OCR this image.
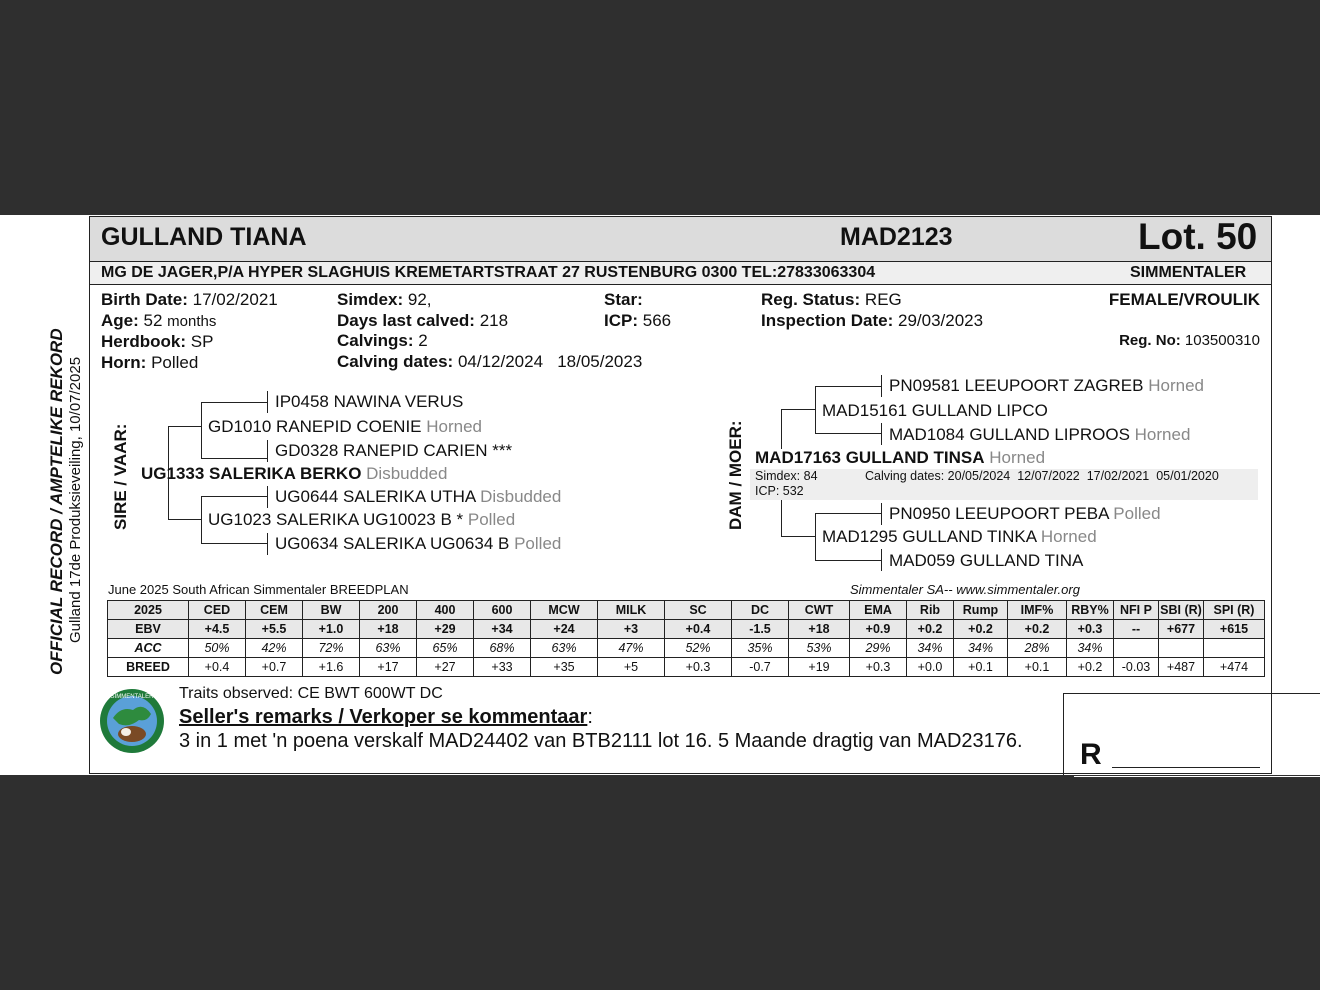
GULLAND TIANA	MAD2123	Lot. 50
MG DE JAGER,P/A HYPER SLAGHUIS KREMETARTSTRAAT 27 RUSTENBURG 0300 TEL:27833063304	SIMMENTALER
Birth Date: 17/02/2021
Age: 52 months
Herdbook: SP
Horn: Polled
Simdex: 92,
Days last calved: 218
Calvings: 2
Calving dates: 04/12/2024   18/05/2023
Star:
ICP: 566
Reg. Status: REG
Inspection Date: 29/03/2023
FEMALE/VROULIK
Reg. No: 103500310
OFFICIAL RECORD / AMPTELIKE REKORD Gulland 17de Produksieveiling, 10/07/2025 SIRE / VAAR:	DAM / MOER:
IP0458 NAWINA VERUS
GD1010 RANEPID COENIE Horned
GD0328 RANEPID CARIEN ***
UG1333 SALERIKA BERKO Disbudded
UG0644 SALERIKA UTHA Disbudded
UG1023 SALERIKA UG10023 B * Polled
UG0634 SALERIKA UG0634 B Polled
PN09581 LEEUPOORT ZAGREB Horned
MAD15161 GULLAND LIPCO
MAD1084 GULLAND LIPROOS Horned
MAD17163 GULLAND TINSA Horned
Simdex: 84
ICP: 532
Calving dates: 20/05/2024  12/07/2022  17/02/2021  05/01/2020
PN0950 LEEUPOORT PEBA Polled
MAD1295 GULLAND TINKA Horned
MAD059 GULLAND TINA
June 2025 South African Simmentaler BREEDPLAN	Simmentaler SA-- www.simmentaler.org
2025	CED	CEM	BW	200	400	600	MCW	MILK	SC	DC	CWT	EMA	Rib	Rump	IMF%	RBY%	NFI P	SBI (R)	SPI (R)
EBV	+4.5	+5.5	+1.0	+18	+29	+34	+24	+3	+0.4	-1.5	+18	+0.9	+0.2	+0.2	+0.2	+0.3	--	+677	+615
ACC	50%	42%	72%	63%	65%	68%	63%	47%	52%	35%	53%	29%	34%	34%	28%	34%			
BREED	+0.4	+0.7	+1.6	+17	+27	+33	+35	+5	+0.3	-0.7	+19	+0.3	+0.0	+0.1	+0.1	+0.2	-0.03	+487	+474
SIMMENTALER Traits observed: CE BWT 600WT DC
Seller's remarks / Verkoper se kommentaar:
3 in 1 met 'n poena verskalf MAD24402 van BTB2111 lot 16. 5 Maande dragtig van MAD23176. R
